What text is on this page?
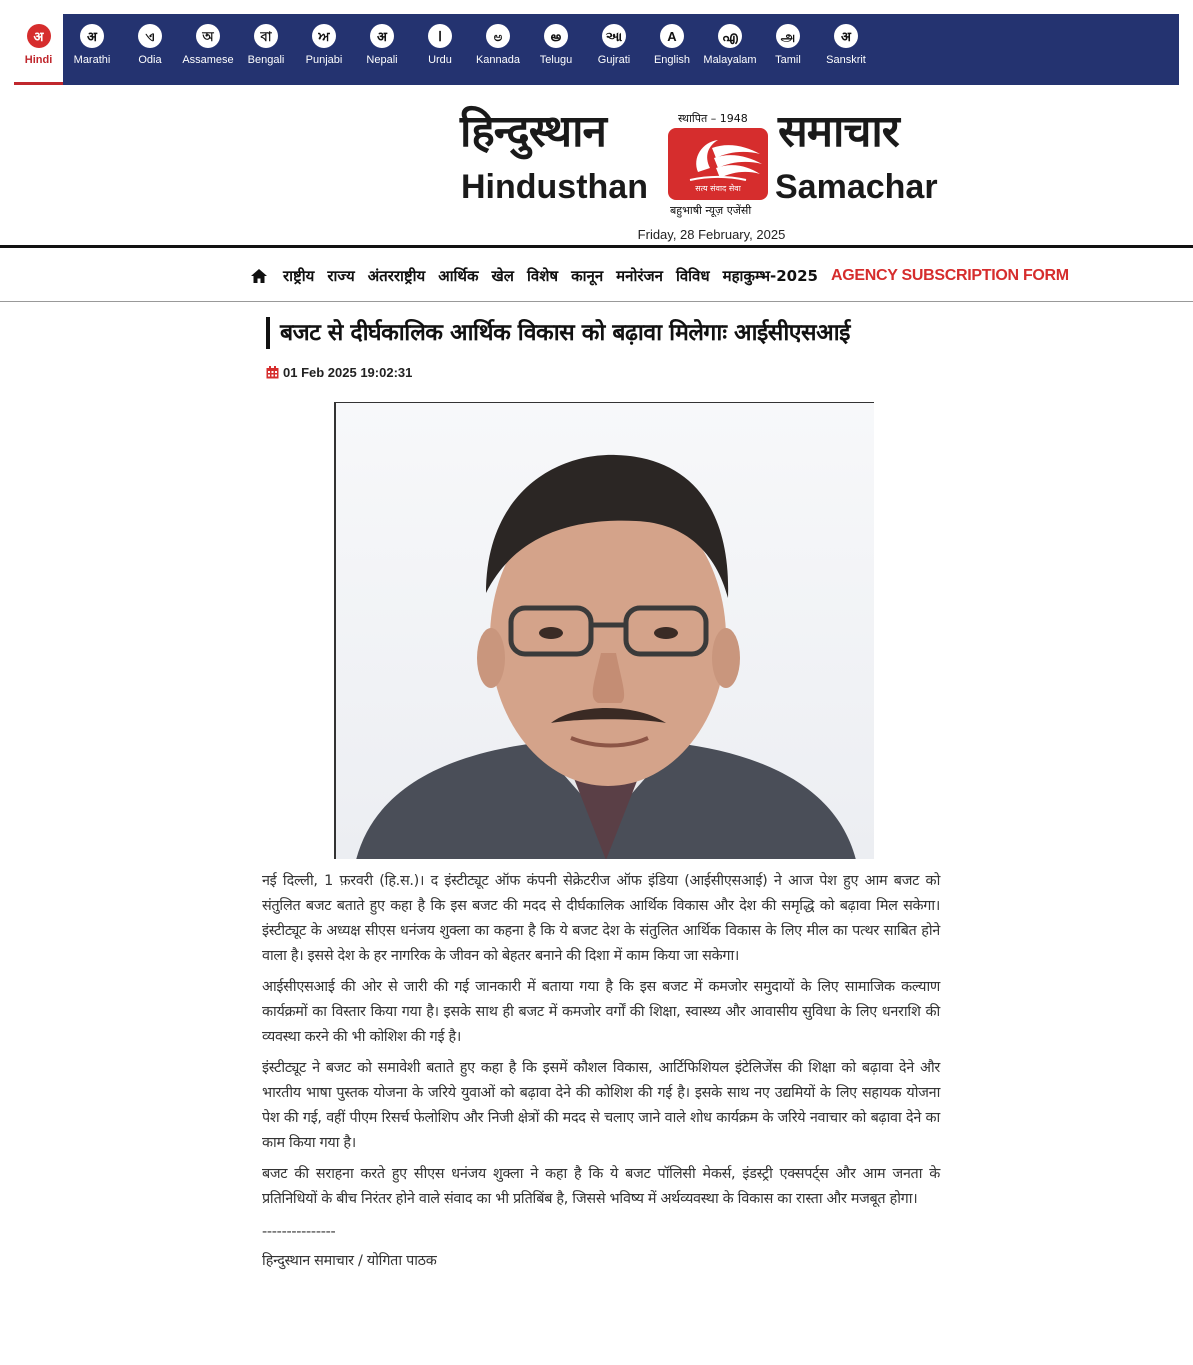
अ
Hindi
अ
Marathi
ଏ
Odia
অ
Assamese
বা
Bengali
ਅ
Punjabi
अ
Nepali
ا
Urdu
ಅ
Kannada
అ
Telugu
આ
Gujrati
A
English
എ
Malayalam
அ
Tamil
अ
Sanskrit
हिन्दुस्थान	स्थापित – 1948
सत्य संवाद सेवा
समाचार
Hindusthan	Samachar
बहुभाषी न्यूज़ एजेंसी
Friday, 28 February, 2025
राष्ट्रीय राज्य अंतरराष्ट्रीय आर्थिक खेल विशेष कानून मनोरंजन विविध महाकुम्भ-2025 AGENCY SUBSCRIPTION FORM
बजट से दीर्घकालिक आर्थिक विकास को बढ़ावा मिलेगाः आईसीएसआई
01 Feb 2025 19:02:31

नई दिल्ली, 1 फ़रवरी (हि.स.)। द इंस्टीट्यूट ऑफ कंपनी सेक्रेटरीज ऑफ इंडिया (आईसीएसआई) ने आज पेश हुए आम बजट को संतुलित बजट बताते हुए कहा है कि इस बजट की मदद से दीर्घकालिक आर्थिक विकास और देश की समृद्धि को बढ़ावा मिल सकेगा। इंस्टीट्यूट के अध्यक्ष सीएस धनंजय शुक्ला का कहना है कि ये बजट देश के संतुलित आर्थिक विकास के लिए मील का पत्थर साबित होने वाला है। इससे देश के हर नागरिक के जीवन को बेहतर बनाने की दिशा में काम किया जा सकेगा।

आईसीएसआई की ओर से जारी की गई जानकारी में बताया गया है कि इस बजट में कमजोर समुदायों के लिए सामाजिक कल्याण कार्यक्रमों का विस्तार किया गया है। इसके साथ ही बजट में कमजोर वर्गों की शिक्षा, स्वास्थ्य और आवासीय सुविधा के लिए धनराशि की व्यवस्था करने की भी कोशिश की गई है।

इंस्टीट्यूट ने बजट को समावेशी बताते हुए कहा है कि इसमें कौशल विकास, आर्टिफिशियल इंटेलिजेंस की शिक्षा को बढ़ावा देने और भारतीय भाषा पुस्तक योजना के जरिये युवाओं को बढ़ावा देने की कोशिश की गई है। इसके साथ नए उद्यमियों के लिए सहायक योजना पेश की गई, वहीं पीएम रिसर्च फेलोशिप और निजी क्षेत्रों की मदद से चलाए जाने वाले शोध कार्यक्रम के जरिये नवाचार को बढ़ावा देने का काम किया गया है।

बजट की सराहना करते हुए सीएस धनंजय शुक्ला ने कहा है कि ये बजट पॉलिसी मेकर्स, इंडस्ट्री एक्सपर्ट्स और आम जनता के प्रतिनिधियों के बीच निरंतर होने वाले संवाद का भी प्रतिबिंब है, जिससे भविष्य में अर्थव्यवस्था के विकास का रास्ता और मजबूत होगा।

---------------
हिन्दुस्थान समाचार / योगिता पाठक
